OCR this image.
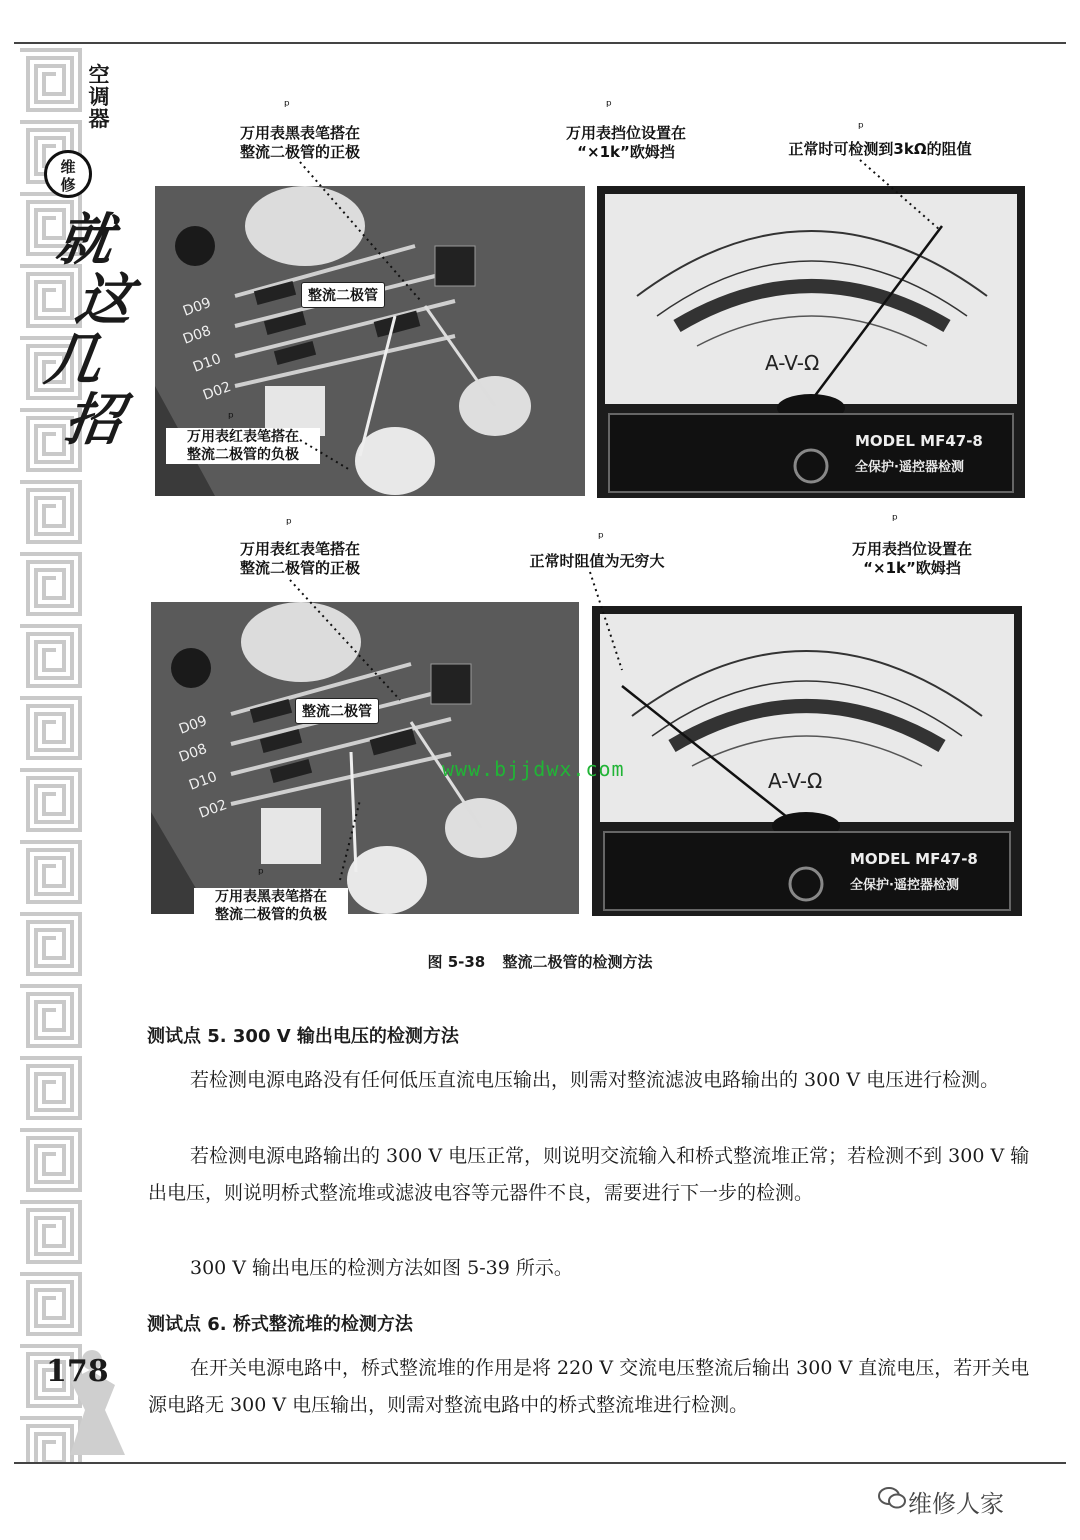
空
调
器
维
修
就
这
几
招
ᵖ
万用表黑表笔搭在
整流二极管的正极
ᵖ
万用表挡位设置在
“×1k”欧姆挡
ᵖ
正常时可检测到3kΩ的阻值
D09
D08
D10
D02
整流二极管
ᵖ
万用表红表笔搭在
整流二极管的负极
A-V-Ω
MODEL MF47-8
全保护·遥控器检测
ᵖ
万用表红表笔搭在
整流二极管的正极
ᵖ
正常时阻值为无穷大
ᵖ
万用表挡位设置在
“×1k”欧姆挡
D09
D08
D10
D02
整流二极管
ᵖ
万用表黑表笔搭在
整流二极管的负极
A-V-Ω
MODEL MF47-8
全保护·遥控器检测
www.bjjdwx.com
图 5-38 整流二极管的检测方法
测试点 5. 300 V 输出电压的检测方法
若检测电源电路没有任何低压直流电压输出，则需对整流滤波电路输出的 300 V 电压进行检测。
若检测电源电路输出的 300 V 电压正常，则说明交流输入和桥式整流堆正常；若检测不到 300 V 输出电压，则说明桥式整流堆或滤波电容等元器件不良，需要进行下一步的检测。
300 V 输出电压的检测方法如图 5-39 所示。
测试点 6. 桥式整流堆的检测方法
在开关电源电路中，桥式整流堆的作用是将 220 V 交流电压整流后输出 300 V 直流电压，若开关电源电路无 300 V 电压输出，则需对整流电路中的桥式整流堆进行检测。
178
维修人家
